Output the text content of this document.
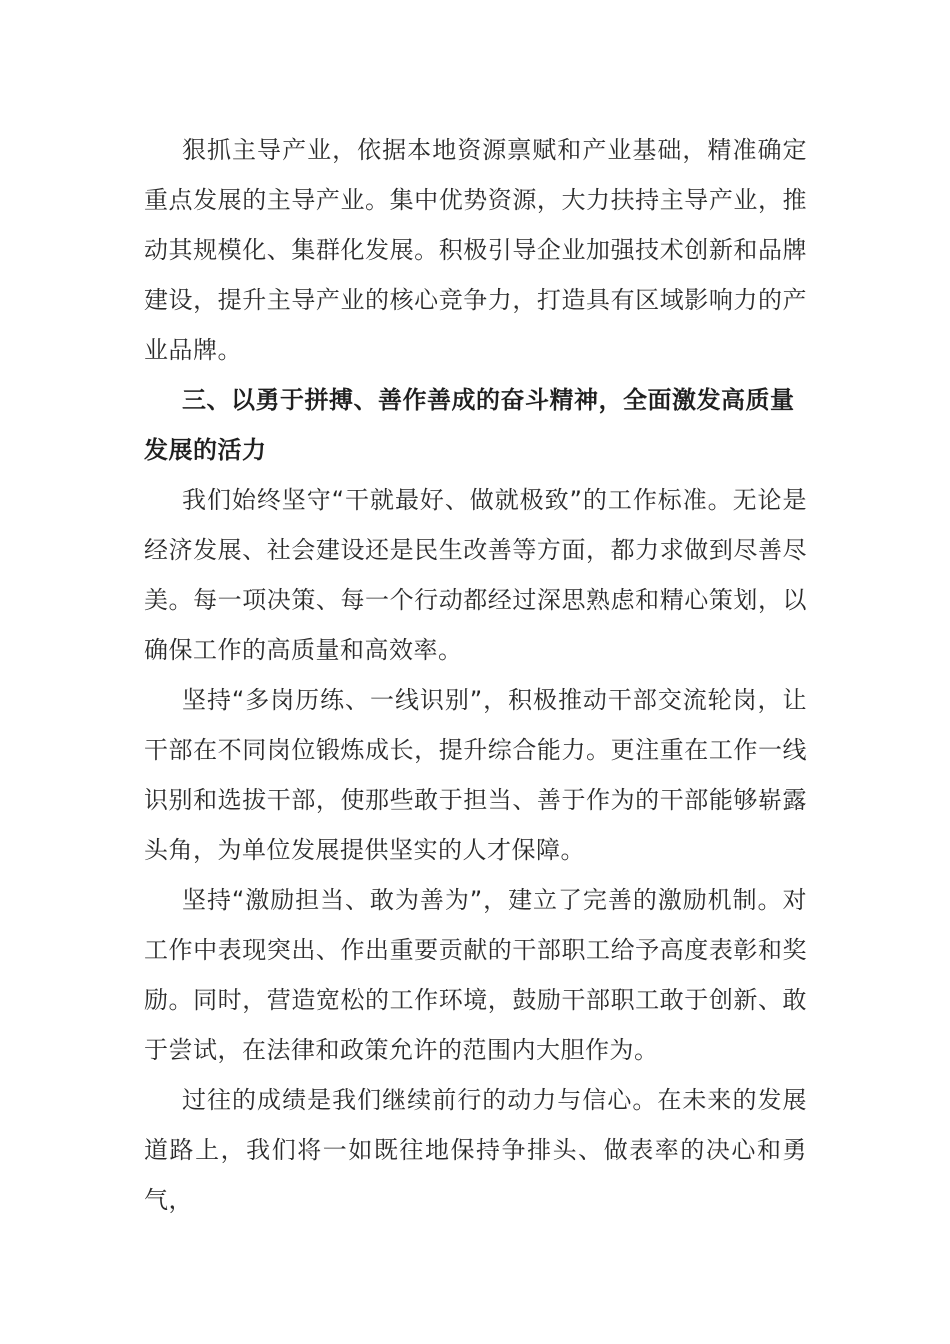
狠抓主导产业，依据本地资源禀赋和产业基础，精准确定重点发展的主导产业。集中优势资源，大力扶持主导产业，推动其规模化、集群化发展。积极引导企业加强技术创新和品牌建设，提升主导产业的核心竞争力，打造具有区域影响力的产业品牌。

三、以勇于拼搏、善作善成的奋斗精神，全面激发高质量发展的活力

我们始终坚守“干就最好、做就极致”的工作标准。无论是经济发展、社会建设还是民生改善等方面，都力求做到尽善尽美。每一项决策、每一个行动都经过深思熟虑和精心策划，以确保工作的高质量和高效率。

坚持“多岗历练、一线识别”，积极推动干部交流轮岗，让干部在不同岗位锻炼成长，提升综合能力。更注重在工作一线识别和选拔干部，使那些敢于担当、善于作为的干部能够崭露头角，为单位发展提供坚实的人才保障。

坚持“激励担当、敢为善为”，建立了完善的激励机制。对工作中表现突出、作出重要贡献的干部职工给予高度表彰和奖励。同时，营造宽松的工作环境，鼓励干部职工敢于创新、敢于尝试，在法律和政策允许的范围内大胆作为。

过往的成绩是我们继续前行的动力与信心。在未来的发展道路上，我们将一如既往地保持争排头、做表率的决心和勇气，
